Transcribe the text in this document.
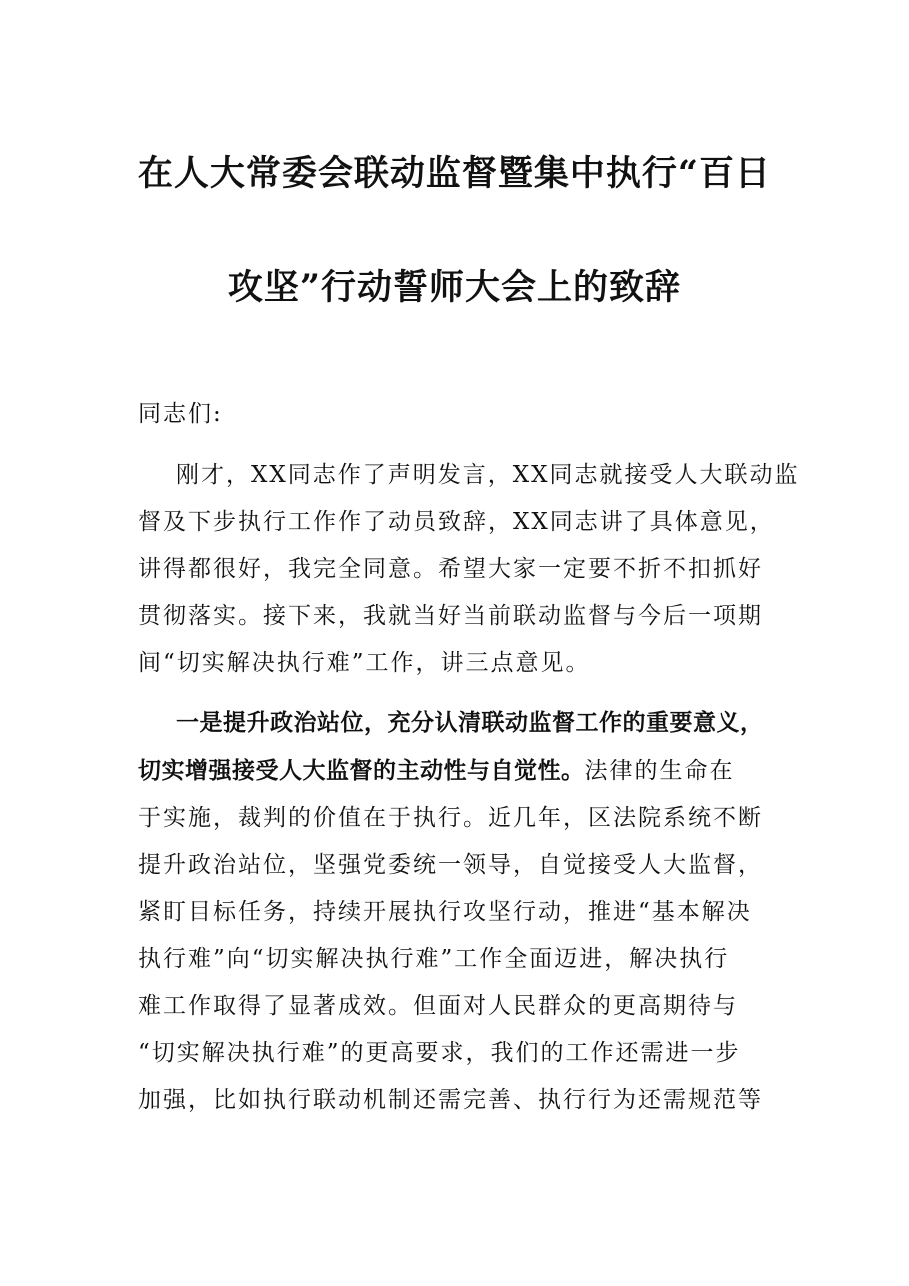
在人大常委会联动监督暨集中执行“百日
攻坚”行动誓师大会上的致辞
同志们:
刚才，XX同志作了声明发言，XX同志就接受人大联动监
督及下步执行工作作了动员致辞，XX同志讲了具体意见，
讲得都很好，我完全同意。希望大家一定要不折不扣抓好
贯彻落实。接下来，我就当好当前联动监督与今后一项期
间“切实解决执行难”工作，讲三点意见。
一是提升政治站位，充分认清联动监督工作的重要意义，
切实增强接受人大监督的主动性与自觉性。法律的生命在
于实施，裁判的价值在于执行。近几年，区法院系统不断
提升政治站位，坚强党委统一领导，自觉接受人大监督，
紧盯目标任务，持续开展执行攻坚行动，推进“基本解决
执行难”向“切实解决执行难”工作全面迈进，解决执行
难工作取得了显著成效。但面对人民群众的更高期待与
“切实解决执行难”的更高要求，我们的工作还需进一步
加强，比如执行联动机制还需完善、执行行为还需规范等
